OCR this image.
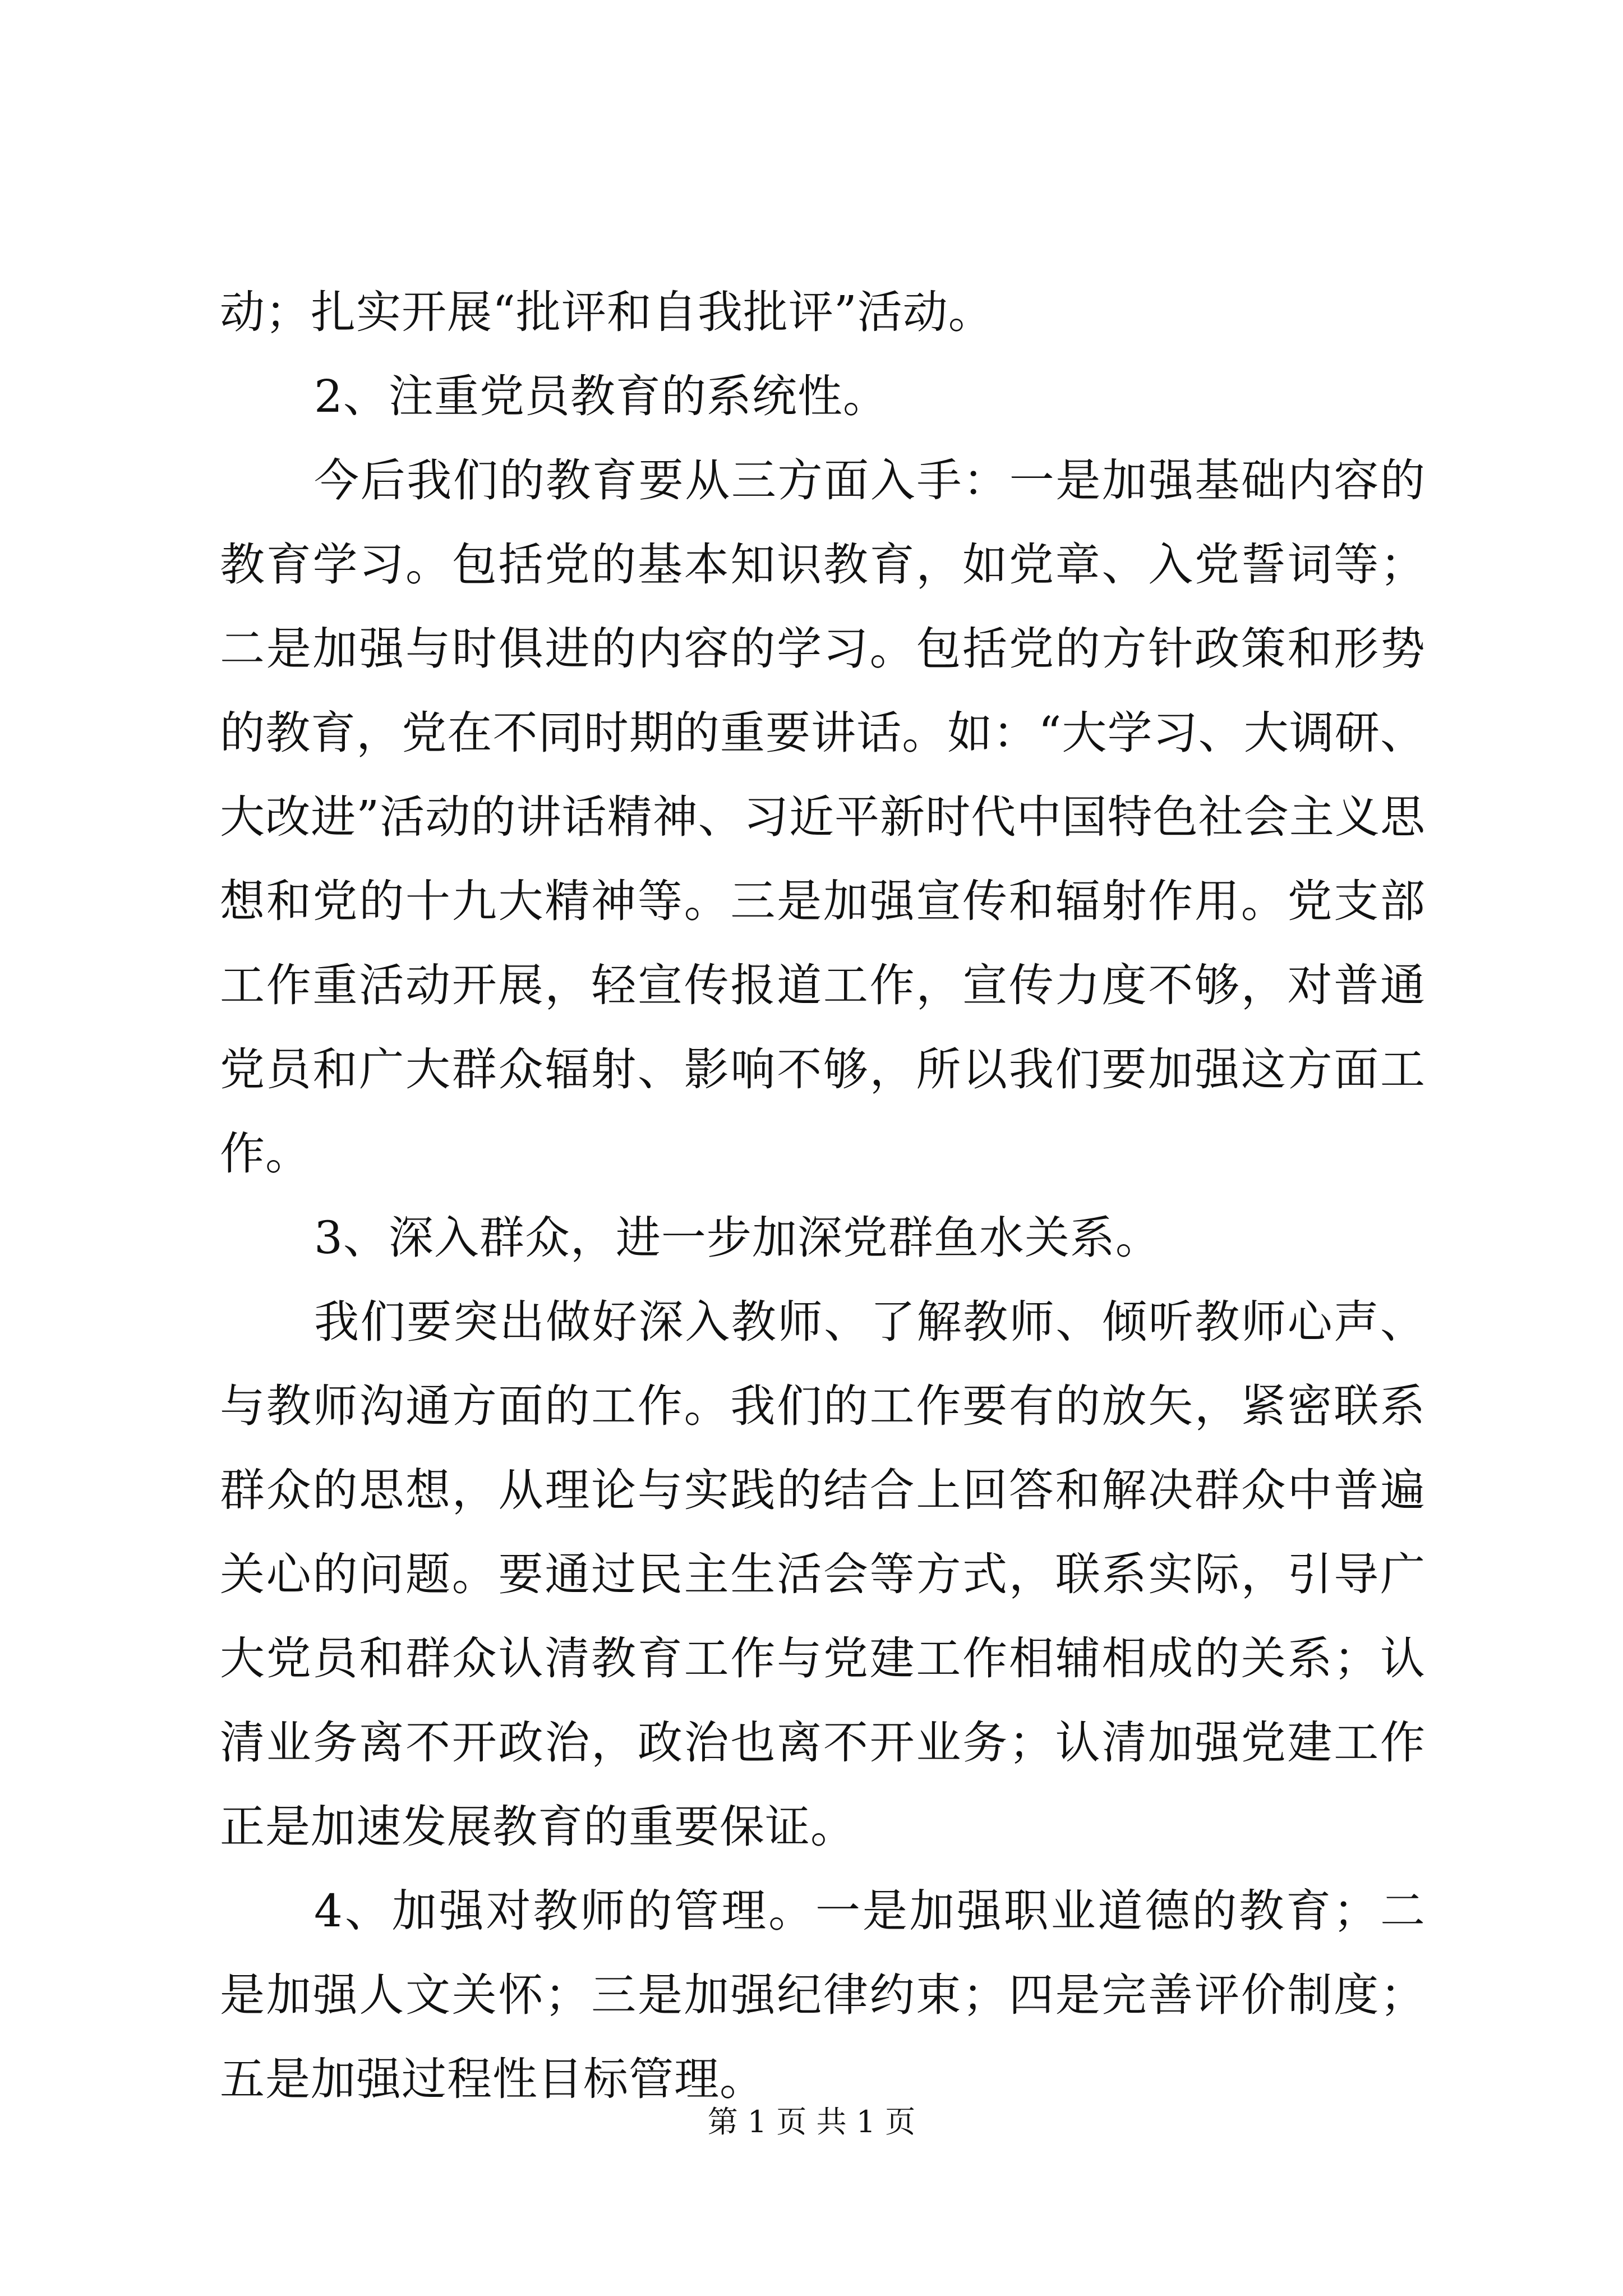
动；扎实开展“批评和自我批评”活动。

2、注重党员教育的系统性。

今后我们的教育要从三方面入手：一是加强基础内容的教育学习。包括党的基本知识教育，如党章、入党誓词等；二是加强与时俱进的内容的学习。包括党的方针政策和形势的教育，党在不同时期的重要讲话。如：“大学习、大调研、大改进”活动的讲话精神、习近平新时代中国特色社会主义思想和党的十九大精神等。三是加强宣传和辐射作用。党支部工作重活动开展，轻宣传报道工作，宣传力度不够，对普通党员和广大群众辐射、影响不够，所以我们要加强这方面工作。

3、深入群众，进一步加深党群鱼水关系。

我们要突出做好深入教师、了解教师、倾听教师心声、与教师沟通方面的工作。我们的工作要有的放矢，紧密联系群众的思想，从理论与实践的结合上回答和解决群众中普遍关心的问题。要通过民主生活会等方式，联系实际，引导广大党员和群众认清教育工作与党建工作相辅相成的关系；认清业务离不开政治，政治也离不开业务；认清加强党建工作正是加速发展教育的重要保证。

4、加强对教师的管理。一是加强职业道德的教育；二是加强人文关怀；三是加强纪律约束；四是完善评价制度；五是加强过程性目标管理。

第 1 页 共 1 页
